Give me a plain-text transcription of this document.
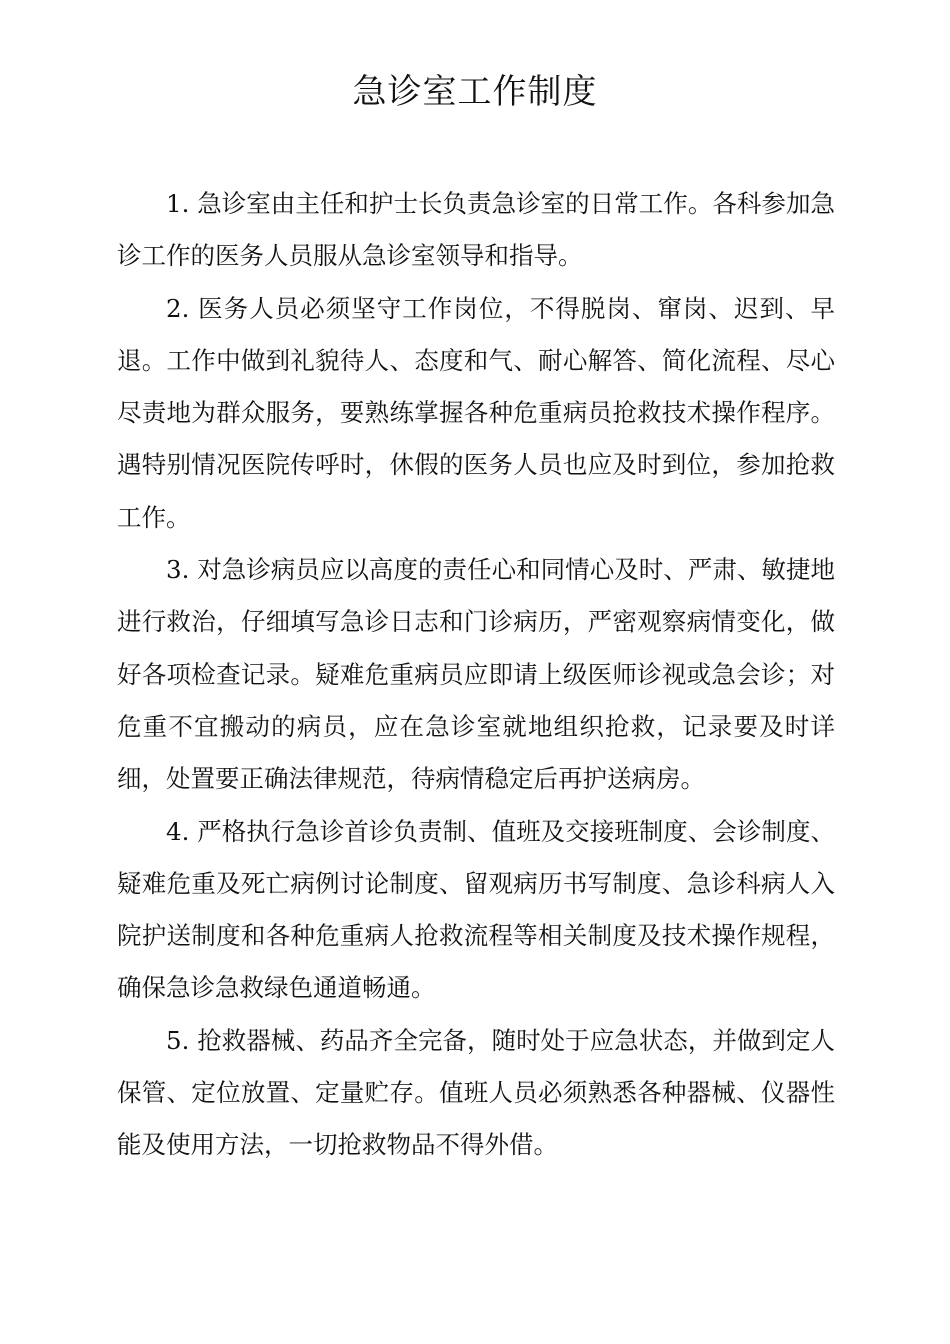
急诊室工作制度

1. 急诊室由主任和护士长负责急诊室的日常工作。各科参加急诊工作的医务人员服从急诊室领导和指导。

2. 医务人员必须坚守工作岗位，不得脱岗、窜岗、迟到、早退。工作中做到礼貌待人、态度和气、耐心解答、简化流程、尽心尽责地为群众服务，要熟练掌握各种危重病员抢救技术操作程序。遇特别情况医院传呼时，休假的医务人员也应及时到位，参加抢救工作。

3. 对急诊病员应以高度的责任心和同情心及时、严肃、敏捷地进行救治，仔细填写急诊日志和门诊病历，严密观察病情变化，做好各项检查记录。疑难危重病员应即请上级医师诊视或急会诊；对危重不宜搬动的病员，应在急诊室就地组织抢救，记录要及时详细，处置要正确法律规范，待病情稳定后再护送病房。

4. 严格执行急诊首诊负责制、值班及交接班制度、会诊制度、疑难危重及死亡病例讨论制度、留观病历书写制度、急诊科病人入院护送制度和各种危重病人抢救流程等相关制度及技术操作规程，确保急诊急救绿色通道畅通。

5. 抢救器械、药品齐全完备，随时处于应急状态，并做到定人保管、定位放置、定量贮存。值班人员必须熟悉各种器械、仪器性能及使用方法，一切抢救物品不得外借。
